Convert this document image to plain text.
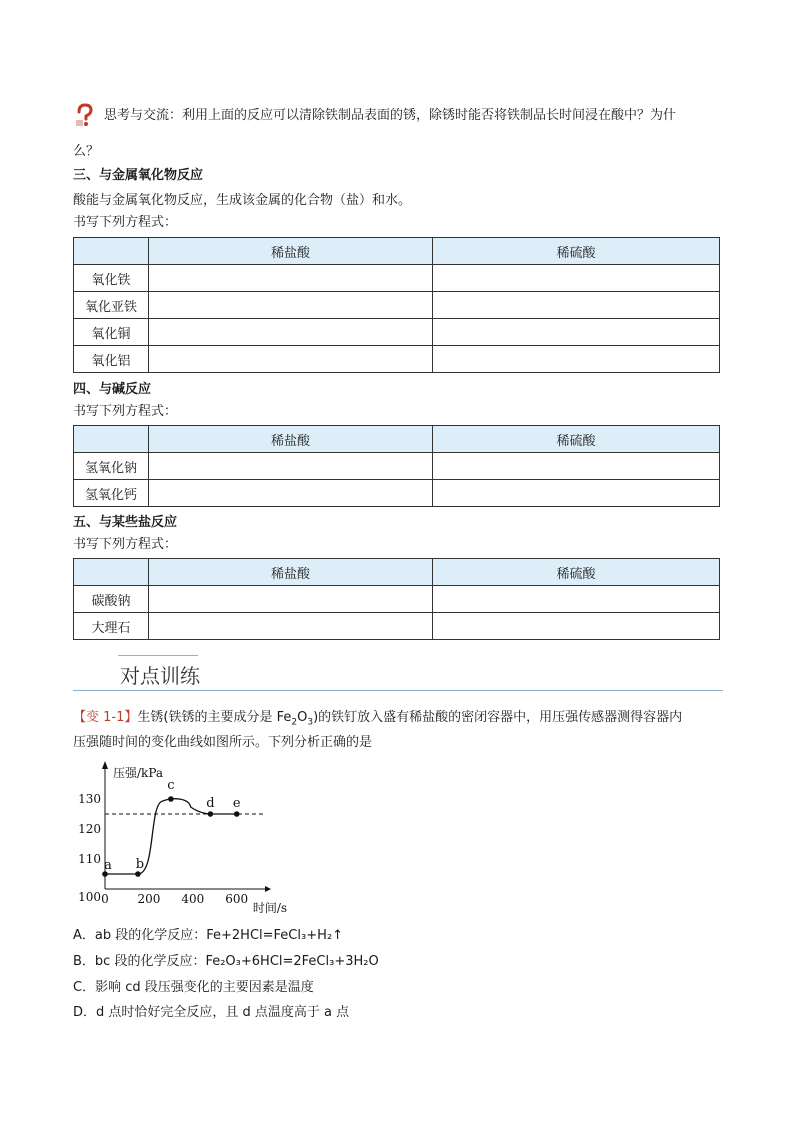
思考与交流：利用上面的反应可以清除铁制品表面的锈，除锈时能否将铁制品长时间浸在酸中？为什
么？
三、与金属氧化物反应
酸能与金属氧化物反应，生成该金属的化合物（盐）和水。
书写下列方程式：
	稀盐酸	稀硫酸
氧化铁		
氧化亚铁		
氧化铜		
氧化铝		
四、与碱反应
书写下列方程式：
	稀盐酸	稀硫酸
氢氧化钠		
氢氧化钙		
五、与某些盐反应
书写下列方程式：
	稀盐酸	稀硫酸
碳酸钠		
大理石		
对点训练
【变 1-1】生锈(铁锈的主要成分是 $Fe_2O_3$)的铁钉放入盛有稀盐酸的密闭容器中，用压强传感器测得容器内
压强随时间的变化曲线如图所示。下列分析正确的是
压强/kPa
时间/s
0 200 400 600
100
110
120
130
a b
c
d e
A．ab 段的化学反应：Fe+2HCl=FeCl₃+H₂↑
B．bc 段的化学反应：Fe₂O₃+6HCl=2FeCl₃+3H₂O
C．影响 cd 段压强变化的主要因素是温度
D．d 点时恰好完全反应，且 d 点温度高于 a 点
